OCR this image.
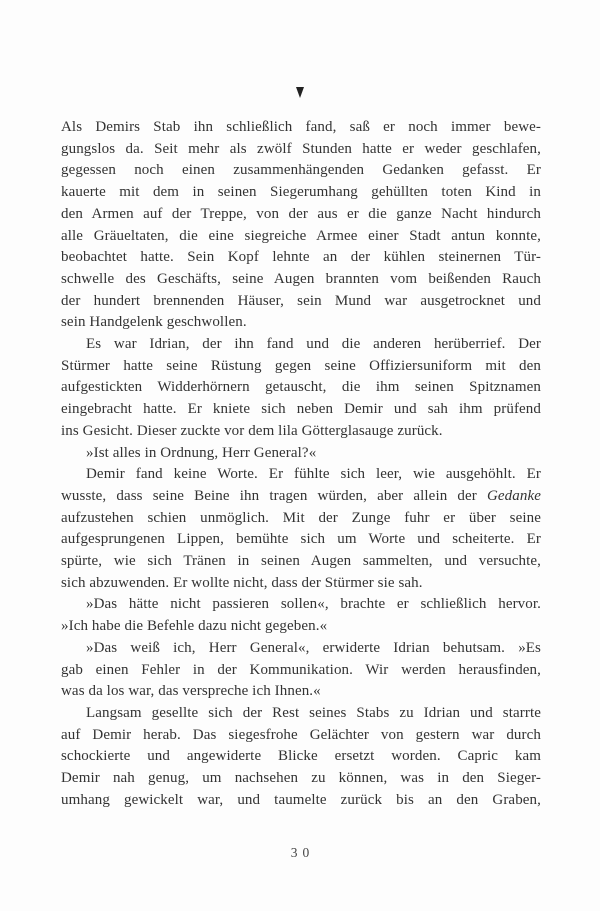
Als Demirs Stab ihn schließlich fand, saß er noch immer bewe-
gungslos da. Seit mehr als zwölf Stunden hatte er weder geschlafen,
gegessen noch einen zusammenhängenden Gedanken gefasst. Er
kauerte mit dem in seinen Siegerumhang gehüllten toten Kind in
den Armen auf der Treppe, von der aus er die ganze Nacht hindurch
alle Gräueltaten, die eine siegreiche Armee einer Stadt antun konnte,
beobachtet hatte. Sein Kopf lehnte an der kühlen steinernen Tür-
schwelle des Geschäfts, seine Augen brannten vom beißenden Rauch
der hundert brennenden Häuser, sein Mund war ausgetrocknet und
sein Handgelenk geschwollen.
Es war Idrian, der ihn fand und die anderen herüberrief. Der
Stürmer hatte seine Rüstung gegen seine Offiziersuniform mit den
aufgestickten Widderhörnern getauscht, die ihm seinen Spitznamen
eingebracht hatte. Er kniete sich neben Demir und sah ihm prüfend
ins Gesicht. Dieser zuckte vor dem lila Götterglasauge zurück.
»Ist alles in Ordnung, Herr General?«
Demir fand keine Worte. Er fühlte sich leer, wie ausgehöhlt. Er
wusste, dass seine Beine ihn tragen würden, aber allein der Gedanke
aufzustehen schien unmöglich. Mit der Zunge fuhr er über seine
aufgesprungenen Lippen, bemühte sich um Worte und scheiterte. Er
spürte, wie sich Tränen in seinen Augen sammelten, und versuchte,
sich abzuwenden. Er wollte nicht, dass der Stürmer sie sah.
»Das hätte nicht passieren sollen«, brachte er schließlich hervor.
»Ich habe die Befehle dazu nicht gegeben.«
»Das weiß ich, Herr General«, erwiderte Idrian behutsam. »Es
gab einen Fehler in der Kommunikation. Wir werden herausfinden,
was da los war, das verspreche ich Ihnen.«
Langsam gesellte sich der Rest seines Stabs zu Idrian und starrte
auf Demir herab. Das siegesfrohe Gelächter von gestern war durch
schockierte und angewiderte Blicke ersetzt worden. Capric kam
Demir nah genug, um nachsehen zu können, was in den Sieger-
umhang gewickelt war, und taumelte zurück bis an den Graben,
30
